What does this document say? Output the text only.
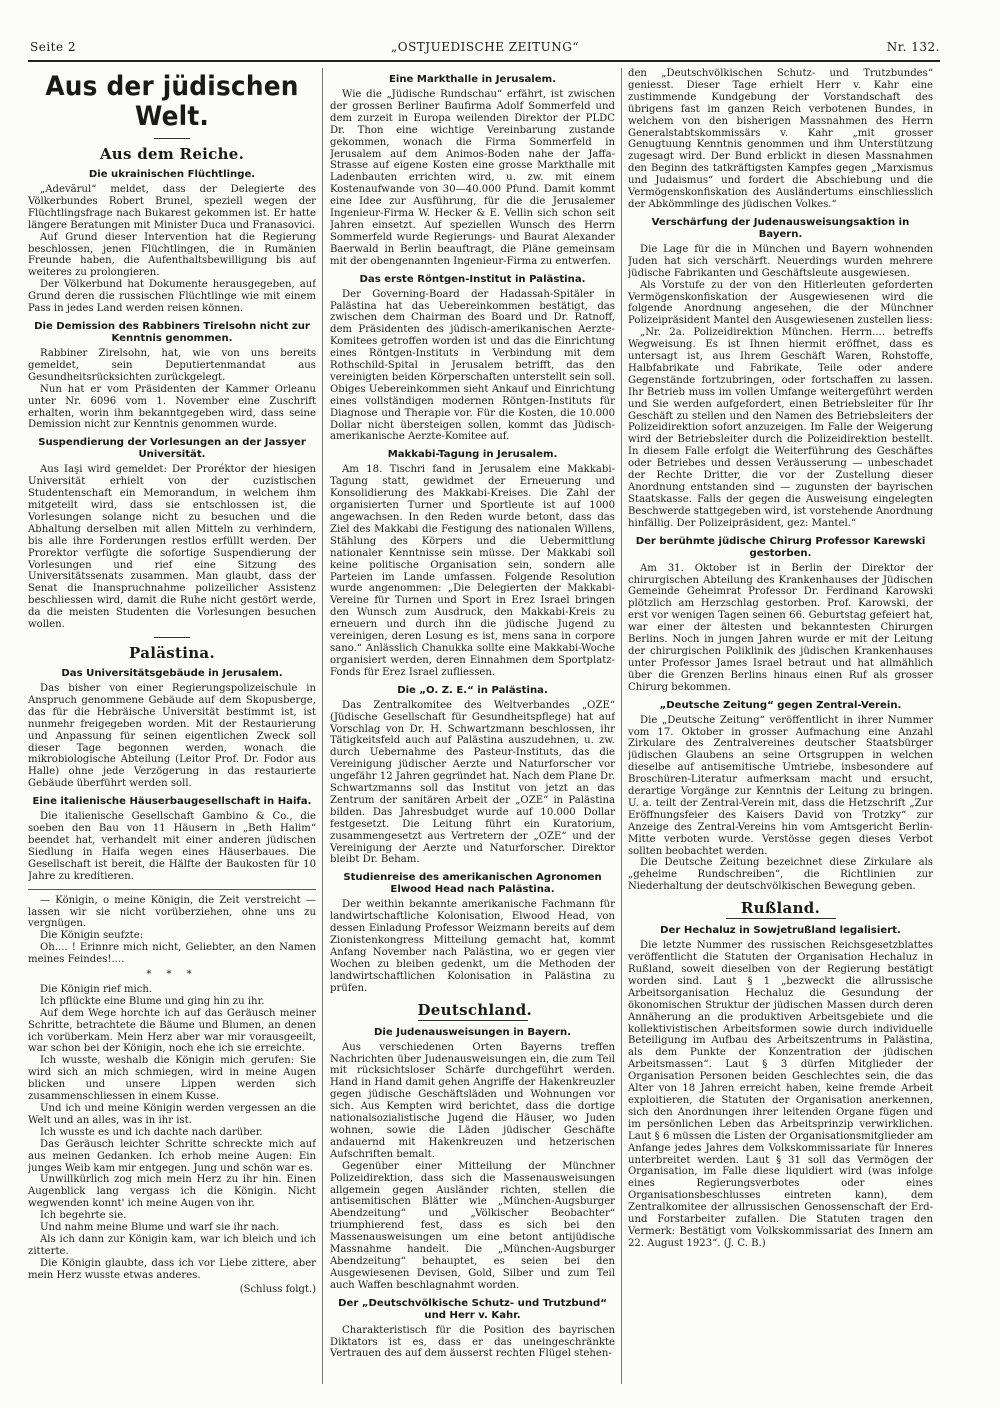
Seite 2	„OSTJUEDISCHE ZEITUNG“	Nr. 132.
Aus der jüdischen Welt.
Aus dem Reiche.
Die ukrainischen Flüchtlinge.

„Adevărul“ meldet, dass der Delegierte des Völkerbundes Robert Brunel, speziell wegen der Flüchtlingsfrage nach Bukarest gekommen ist. Er hatte längere Beratungen mit Minister Duca und Franasovici.

Auf Grund dieser Intervention hat die Regierung beschlossen, jenen Flüchtlingen, die in Rumänien Freunde haben, die Aufenthaltsbewilligung bis auf weiteres zu prolongieren.

Der Völkerbund hat Dokumente herausgegeben, auf Grund deren die russischen Flüchtlinge wie mit einem Pass in jedes Land werden reisen können.

Die Demission des Rabbiners Tirelsohn nicht zur Kenntnis genommen.

Rabbiner Zirelsohn, hat, wie von uns bereits gemeldet, sein Deputiertenmandat aus Gesundheitsrücksichten zurückgelegt.

Nun hat er vom Präsidenten der Kammer Orleanu unter Nr. 6096 vom 1. November eine Zuschrift erhalten, worin ihm bekanntgegeben wird, dass seine Demission nicht zur Kenntnis genommen wurde.

Suspendierung der Vorlesungen an der Jassyer Universität.

Aus Iaşi wird gemeldet: Der Proréktor der hiesigen Universität erhielt von der cuzistischen Studentenschaft ein Memorandum, in welchem ihm mitgeteilt wird, dass sie entschlossen ist, die Vorlesungen solange nicht zu besuchen und die Abhaltung derselben mit allen Mitteln zu verhindern, bis alle ihre Forderungen restlos erfüllt werden. Der Prorektor verfügte die sofortige Suspendierung der Vorlesungen und rief eine Sitzung des Universitätssenats zusammen. Man glaubt, dass der Senat die Inanspruchnahme polizeilicher Assistenz beschliessen wird, damit die Ruhe nicht gestört werde, da die meisten Studenten die Vorlesungen besuchen wollen.

Palästina.
Das Universitätsgebäude in Jerusalem.

Das bisher von einer Regierungspolizeischule in Anspruch genommene Gebäude auf dem Skopusberge, das für die Hebräische Universität bestimmt ist, ist nunmehr freigegeben worden. Mit der Restaurierung und Anpassung für seinen eigentlichen Zweck soll dieser Tage begonnen werden, wonach die mikrobiologische Abteilung (Leitor Prof. Dr. Fodor aus Halle) ohne jede Verzögerung in das restaurierte Gebäude überführt werden soll.

Eine italienische Häuserbaugesellschaft in Haifa.

Die italienische Gesellschaft Gambino & Co., die soeben den Bau von 11 Häusern in „Beth Halim“ beendet hat, verhandelt mit einer anderen jüdischen Siedlung in Haifa wegen eines Häuserbaues. Die Gesellschaft ist bereit, die Hälfte der Baukosten für 10 Jahre zu kreditieren.

— Königin, o meine Königin, die Zeit verstreicht — lassen wir sie nicht vorüberziehen, ohne uns zu vergnügen.

Die Königin seufzte:

Oh.... ! Erinnre mich nicht, Geliebter, an den Namen meines Feindes!....

* * *

Die Königin rief mich.

Ich pflückte eine Blume und ging hin zu ihr.

Auf dem Wege horchte ich auf das Geräusch meiner Schritte, betrachtete die Bäume und Blumen, an denen ich vorüberkam. Mein Herz aber war mir vorausgeeilt, war schon bei der Königin, noch ehe ich sie erreichte.

Ich wusste, weshalb die Königin mich gerufen: Sie wird sich an mich schmiegen, wird in meine Augen blicken und unsere Lippen werden sich zusammenschliessen in einem Kusse.

Und ich und meine Königin werden vergessen an die Welt und an alles, was in ihr ist.

Ich wusste es und ich dachte nach darüber.

Das Geräusch leichter Schritte schreckte mich auf aus meinen Gedanken. Ich erhob meine Augen: Ein junges Weib kam mir entgegen. Jung und schön war es.

Unwillkürlich zog mich mein Herz zu ihr hin. Einen Augenblick lang vergass ich die Königin. Nicht wegwenden konnt' ich meine Augen von ihr.

Ich begehrte sie.

Und nahm meine Blume und warf sie ihr nach.

Als ich dann zur Königin kam, war ich bleich und ich zitterte.

Die Königin glaubte, dass ich vor Liebe zittere, aber mein Herz wusste etwas anderes.

(Schluss folgt.)
Eine Markthalle in Jerusalem.

Wie die „Jüdische Rundschau“ erfährt, ist zwischen der grossen Berliner Baufirma Adolf Sommerfeld und dem zurzeit in Europa weilenden Direktor der PLDC Dr. Thon eine wichtige Vereinbarung zustande gekommen, wonach die Firma Sommerfeld in Jerusalem auf dem Animos-Boden nahe der Jaffa-Strasse auf eigene Kosten eine grosse Markthalle mit Ladenbauten errichten wird, u. zw. mit einem Kostenaufwande von 30—40.000 Pfund. Damit kommt eine Idee zur Ausführung, für die die Jerusalemer Ingenieur-Firma W. Hecker & E. Vellin sich schon seit Jahren einsetzt. Auf speziellen Wunsch des Herrn Sommerfeld wurde Regierungs- und Baurat Alexander Baerwald in Berlin beauftragt, die Pläne gemeinsam mit der obengenannten Ingenieur-Firma zu entwerfen.

Das erste Röntgen-Institut in Palästina.

Der Governing-Board der Hadassah-Spitäler in Palästina hat das Uebereinkommen bestätigt, das zwischen dem Chairman des Board und Dr. Ratnoff, dem Präsidenten des jüdisch-amerikanischen Aerzte-Komitees getroffen worden ist und das die Einrichtung eines Röntgen-Instituts in Verbindung mit dem Rothschild-Spital in Jerusalem betrifft, das den vereinigten beiden Körperschaften unterstellt sein soll. Obiges Uebereinkommen sieht Ankauf und Einrichtung eines vollständigen modernen Röntgen-Instituts für Diagnose und Therapie vor. Für die Kosten, die 10.000 Dollar nicht übersteigen sollen, kommt das Jüdisch-amerikanische Aerzte-Komitee auf.

Makkabi-Tagung in Jerusalem.

Am 18. Tischri fand in Jerusalem eine Makkabi-Tagung statt, gewidmet der Erneuerung und Konsolidierung des Makkabi-Kreises. Die Zahl der organisierten Turner und Sportleute ist auf 1000 angewachsen. In den Reden wurde betont, dass das Ziel des Makkabi die Festigung des nationalen Willens, Stählung des Körpers und die Uebermittlung nationaler Kenntnisse sein müsse. Der Makkabi soll keine politische Organisation sein, sondern alle Parteien im Lande umfassen. Folgende Resolution wurde angenommen: „Die Delegierten der Makkabi-Vereine für Turnen und Sport in Erez Israel bringen den Wunsch zum Ausdruck, den Makkabi-Kreis zu erneuern und durch ihn die jüdische Jugend zu vereinigen, deren Losung es ist, mens sana in corpore sano.“ Anlässlich Chanukka sollte eine Makkabi-Woche organisiert werden, deren Einnahmen dem Sportplatz-Fonds für Erez Israel zufliessen.

Die „O. Z. E.“ in Palästina.

Das Zentralkomitee des Weltverbandes „OZE“ (Jüdische Gesellschaft für Gesundheitspflege) hat auf Vorschlag von Dr. H. Schwartzmann beschlossen, ihr Tätigkeitsfeld auch auf Palästina auszudehnen, u. zw. durch Uebernahme des Pasteur-Instituts, das die Vereinigung jüdischer Aerzte und Naturforscher vor ungefähr 12 Jahren gegründet hat. Nach dem Plane Dr. Schwartzmanns soll das Institut von jetzt an das Zentrum der sanitären Arbeit der „OZE“ in Palästina bilden. Das Jahresbudget wurde auf 10.000 Dollar festgesetzt. Die Leitung führt ein Kuratorium, zusammengesetzt aus Vertretern der „OZE“ und der Vereinigung der Aerzte und Naturforscher. Direktor bleibt Dr. Beham.

Studienreise des amerikanischen Agronomen Elwood Head nach Palästina.

Der weithin bekannte amerikanische Fachmann für landwirtschaftliche Kolonisation, Elwood Head, von dessen Einladung Professor Weizmann bereits auf dem Zionistenkongress Mitteilung gemacht hat, kommt Anfang November nach Palästina, wo er gegen vier Wochen zu bleiben gedenkt, um die Methoden der landwirtschaftlichen Kolonisation in Palästina zu prüfen.

Deutschland.
Die Judenausweisungen in Bayern.

Aus verschiedenen Orten Bayerns treffen Nachrichten über Judenausweisungen ein, die zum Teil mit rücksichtsloser Schärfe durchgeführt werden. Hand in Hand damit gehen Angriffe der Hakenkreuzler gegen jüdische Geschäftsläden und Wohnungen vor sich. Aus Kempten wird berichtet, dass die dortige nationalsozialistische Jugend die Häuser, wo Juden wohnen, sowie die Läden jüdischer Geschäfte andauernd mit Hakenkreuzen und hetzerischen Aufschriften bemalt.

Gegenüber einer Mitteilung der Münchner Polizeidirektion, dass sich die Massenausweisungen allgemein gegen Ausländer richten, stellen die antisemitischen Blätter wie „München-Augsburger Abendzeitung“ und „Völkischer Beobachter“ triumphierend fest, dass es sich bei den Massenausweisungen um eine betont antijüdische Massnahme handelt. Die „München-Augsburger Abendzeitung“ behauptet, es seien bei den Ausgewiesenen Devisen, Gold, Silber und zum Teil auch Waffen beschlagnahmt worden.

Der „Deutschvölkische Schutz- und Trutzbund“ und Herr v. Kahr.

Charakteristisch für die Position des bayrischen Diktators ist es, dass er das uneingeschränkte Vertrauen des auf dem äusserst rechten Flügel stehen-

den „Deutschvölkischen Schutz- und Trutzbundes“ geniesst. Dieser Tage erhielt Herr v. Kahr eine zustimmende Kundgebung der Vorstandschaft des übrigens fast im ganzen Reich verbotenen Bundes, in welchem von den bisherigen Massnahmen des Herrn Generalstabtskommissärs v. Kahr „mit grosser Genugtuung Kenntnis genommen und ihm Unterstützung zugesagt wird. Der Bund erblickt in diesen Massnahmen den Beginn des tatkräftigsten Kampfes gegen „Marxismus und Judaismus“ und fordert die Abschiebung und die Vermögenskonfiskation des Ausländertums einschliesslich der Abkömmlinge des jüdischen Volkes.“

Verschärfung der Judenausweisungsaktion in Bayern.

Die Lage für die in München und Bayern wohnenden Juden hat sich verschärft. Neuerdings wurden mehrere jüdische Fabrikanten und Geschäftsleute ausgewiesen.

Als Vorstufe zu der von den Hitlerleuten geforderten Vermögenskonfiskation der Ausgewiesenen wird die folgende Anordnung angesehen, die der Münchner Polizeipräsident Mantel den Ausgewiesenen zustellen liess:

„Nr. 2a. Polizeidirektion München. Herrn.... betreffs Wegweisung. Es ist Ihnen hiermit eröffnet, dass es untersagt ist, aus Ihrem Geschäft Waren, Rohstoffe, Halbfabrikate und Fabrikate, Teile oder andere Gegenstände fortzubringen, oder fortschaffen zu lassen. Ihr Betrieb muss im vollen Umfange weitergeführt werden und Sie werden aufgefordert, einen Betriebsleiter für Ihr Geschäft zu stellen und den Namen des Betriebsleiters der Polizeidirektion sofort anzuzeigen. Im Falle der Weigerung wird der Betriebsleiter durch die Polizeidirektion bestellt. In diesem Falle erfolgt die Weiterführung des Geschäftes oder Betriebes und dessen Veräusserung — unbeschadet der Rechte Dritter, die vor der Zustellung dieser Anordnung entstanden sind — zugunsten der bayrischen Staatskasse. Falls der gegen die Ausweisung eingelegten Beschwerde stattgegeben wird, ist vorstehende Anordnung hinfällig. Der Polizeipräsident, gez: Mantel.“

Der berühmte jüdische Chirurg Professor Karewski gestorben.

Am 31. Oktober ist in Berlin der Direktor der chirurgischen Abteilung des Krankenhauses der Jüdischen Gemeinde Geheimrat Professor Dr. Ferdinand Karowski plötzlich am Herzschlag gestorben. Prof. Karowski, der erst vor wenigen Tagen seinen 66. Geburtstag gefeiert hat, war einer der ältesten und bekanntesten Chirurgen Berlins. Noch in jungen Jahren wurde er mit der Leitung der chirurgischen Poliklinik des jüdischen Krankenhauses unter Professor James Israel betraut und hat allmählich über die Grenzen Berlins hinaus einen Ruf als grosser Chirurg bekommen.

„Deutsche Zeitung“ gegen Zentral-Verein.

Die „Deutsche Zeitung“ veröffentlicht in ihrer Nummer vom 17. Oktober in grosser Aufmachung eine Anzahl Zirkulare des Zentralvereines deutscher Staatsbürger jüdischen Glaubens an seine Ortsgruppen in welchen dieselbe auf antisemitische Umtriebe, insbesondere auf Broschüren-Literatur aufmerksam macht und ersucht, derartige Vorgänge zur Kenntnis der Leitung zu bringen. U. a. teilt der Zentral-Verein mit, dass die Hetzschrift „Zur Eröffnungsfeier des Kaisers David von Trotzky“ zur Anzeige des Zentral-Vereins hin vom Amtsgericht Berlin-Mitte verboten wurde. Verstösse gegen dieses Verbot sollten beobachtet werden.

Die Deutsche Zeitung bezeichnet diese Zirkulare als „geheime Rundschreiben“, die Richtlinien zur Niederhaltung der deutschvölkischen Bewegung geben.

Rußland.
Der Hechaluz in Sowjetrußland legalisiert.

Die letzte Nummer des russischen Reichsgesetzblattes veröffentlicht die Statuten der Organisation Hechaluz in Rußland, soweit dieselben von der Regierung bestätigt worden sind. Laut § 1 „bezweckt die allrussische Arbeitsorganisation Hechaluz die Gesundung der ökonomischen Struktur der jüdischen Massen durch deren Annäherung an die produktiven Arbeitsgebiete und die kollektivistischen Arbeitsformen sowie durch individuelle Beteiligung im Aufbau des Arbeitszentrums in Palästina, als dem Punkte der Konzentration der jüdischen Arbeitsmassen“. Laut § 3 dürfen Mitglieder der Organisation Personen beiden Geschlechtes sein, die das Alter von 18 Jahren erreicht haben, keine fremde Arbeit exploitieren, die Statuten der Organisation anerkennen, sich den Anordnungen ihrer leitenden Organe fügen und im persönlichen Leben das Arbeitsprinzip verwirklichen. Laut § 6 müssen die Listen der Organisationsmitglieder am Anfange jedes Jahres dem Volkskommissariate für Inneres unterbreitet werden. Laut § 31 soll das Vermögen der Organisation, im Falle diese liquidiert wird (was infolge eines Regierungsverbotes oder eines Organisationsbeschlusses eintreten kann), dem Zentralkomitee der allrussischen Genossenschaft der Erd- und Forstarbeiter zufallen. Die Statuten tragen den Vermerk: Bestätigt vom Volkskommissariat des Innern am 22. August 1923“. (J. C. B.)
